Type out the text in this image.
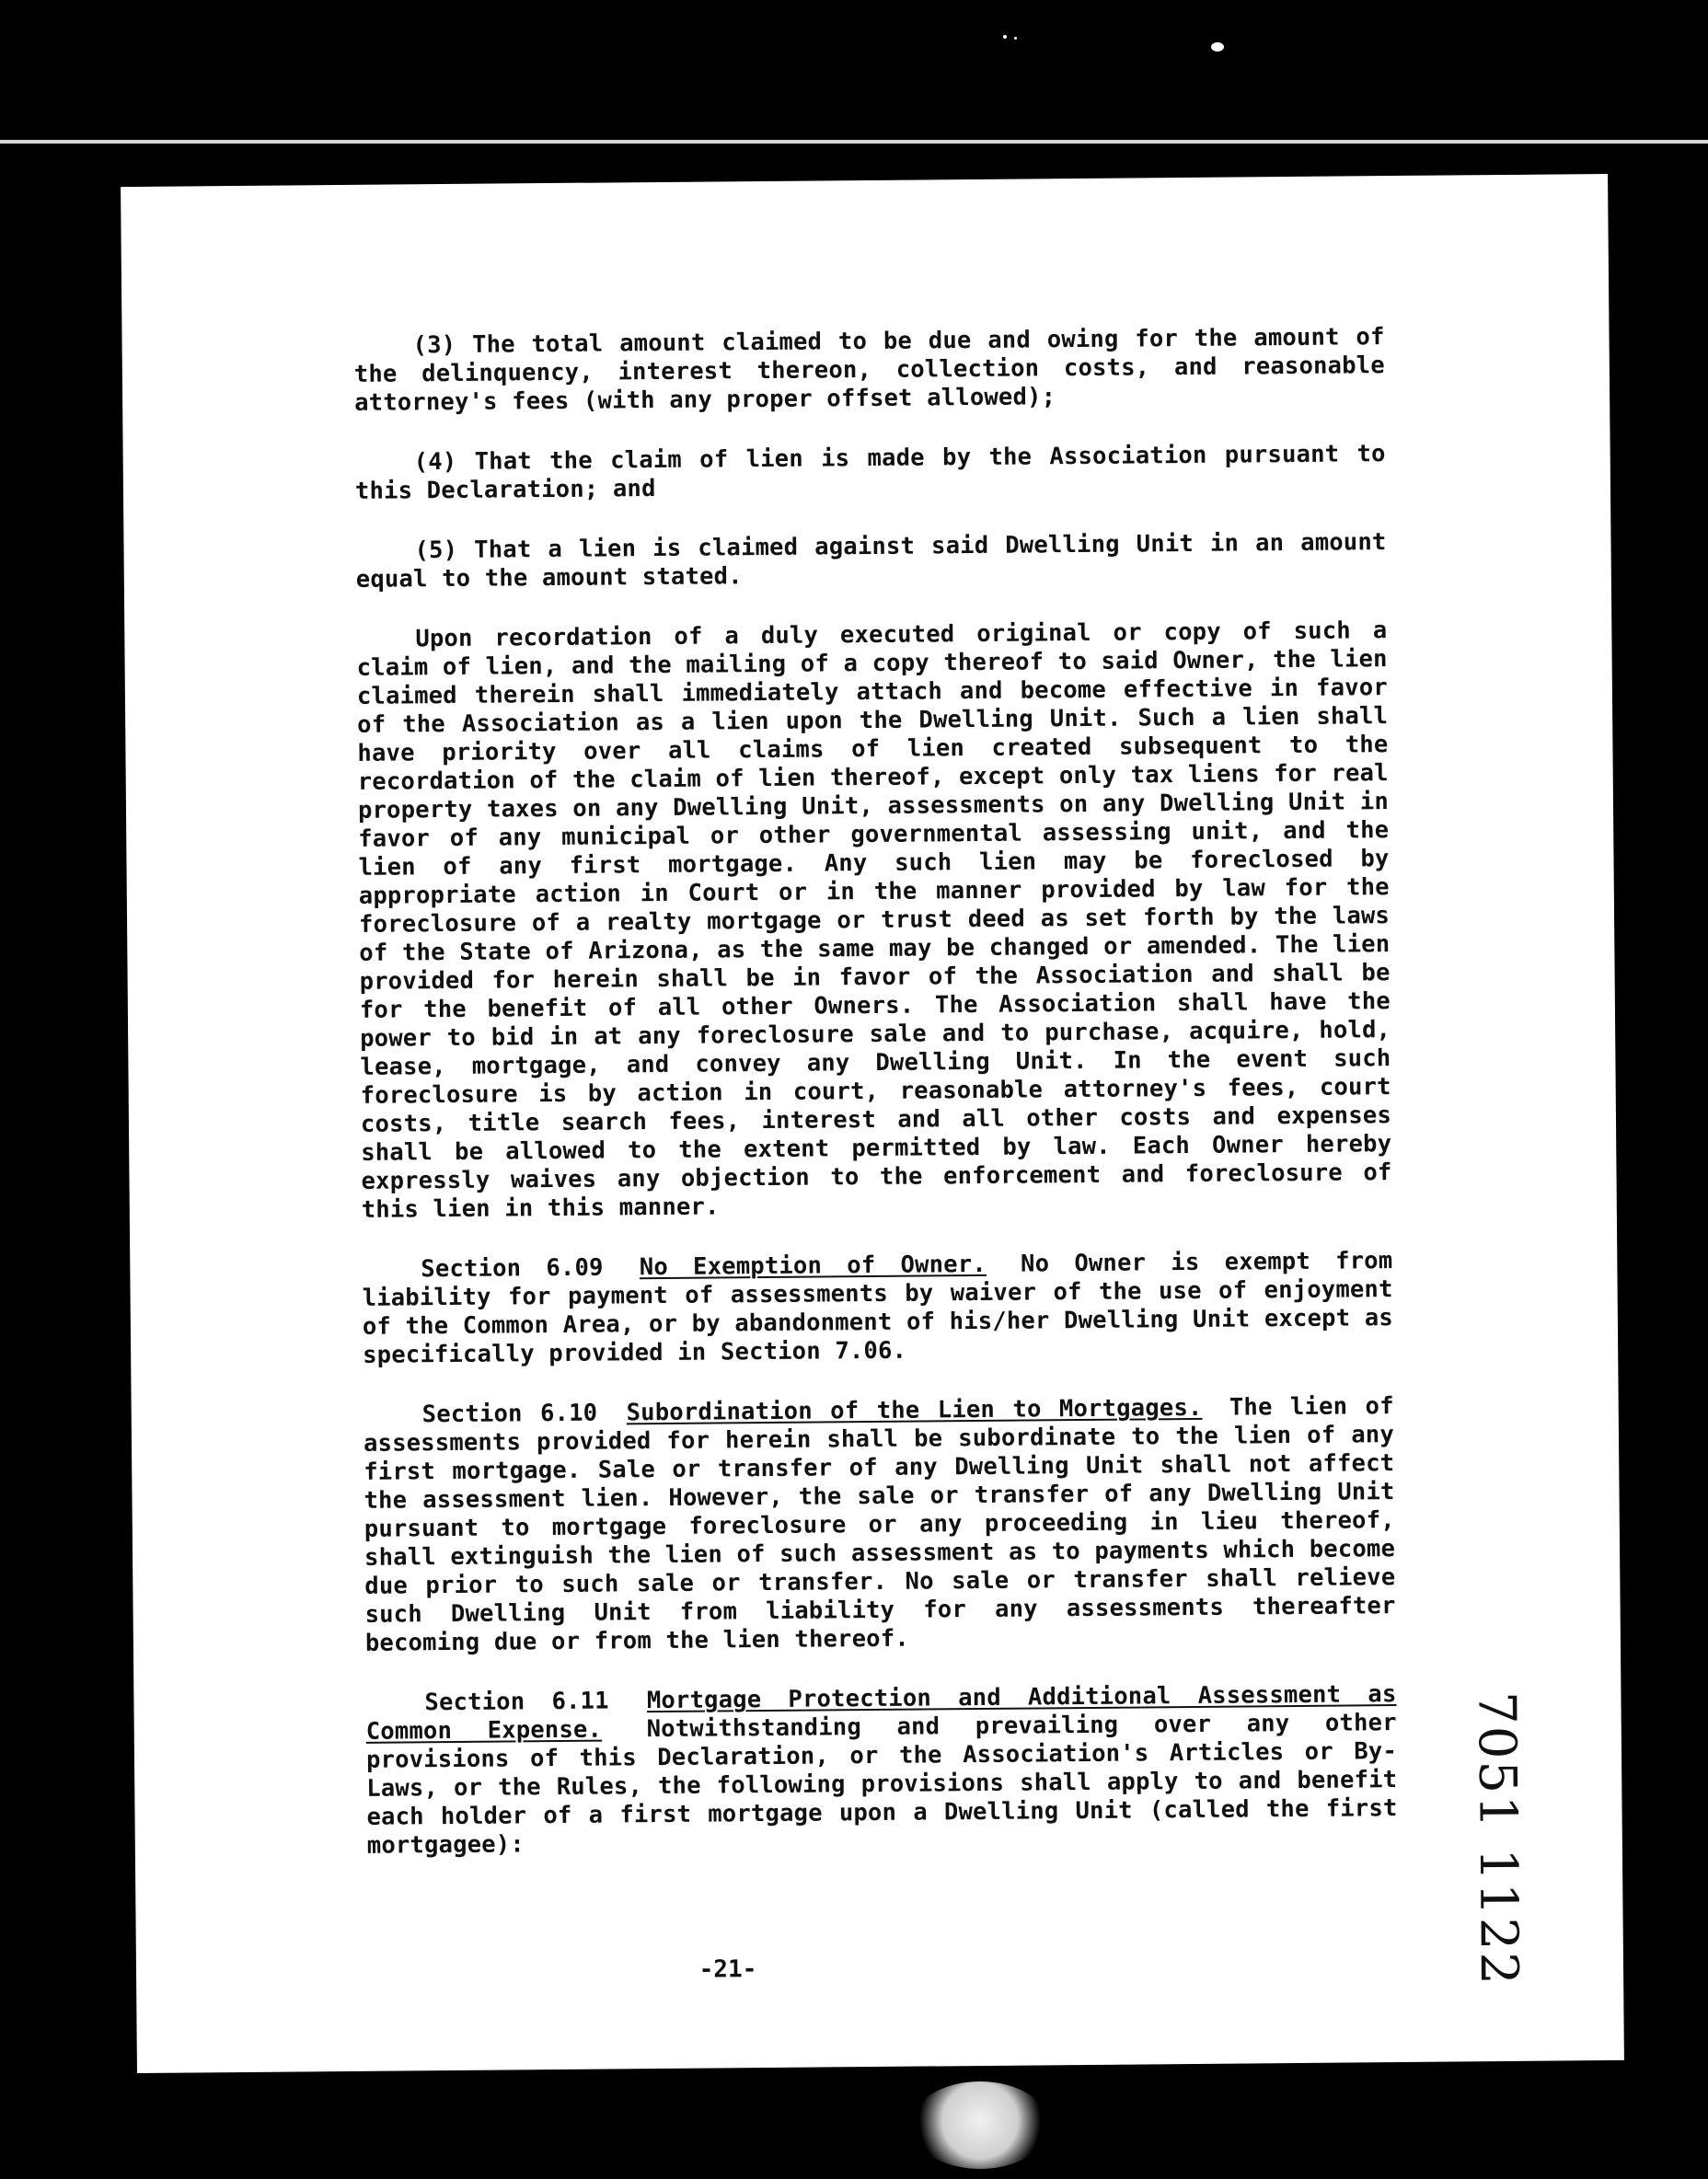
(3) The total amount claimed to be due and owing for the amount of the delinquency, interest thereon, collection costs, and reasonable attorney's fees (with any proper offset allowed);

(4) That the claim of lien is made by the Association pursuant to this Declaration; and

(5) That a lien is claimed against said Dwelling Unit in an amount equal to the amount stated.

Upon recordation of a duly executed original or copy of such a claim of lien, and the mailing of a copy thereof to said Owner, the lien claimed therein shall immediately attach and become effective in favor of the Association as a lien upon the Dwelling Unit. Such a lien shall have priority over all claims of lien created subsequent to the recordation of the claim of lien thereof, except only tax liens for real property taxes on any Dwelling Unit, assessments on any Dwelling Unit in favor of any municipal or other governmental assessing unit, and the lien of any first mortgage. Any such lien may be foreclosed by appropriate action in Court or in the manner provided by law for the foreclosure of a realty mortgage or trust deed as set forth by the laws of the State of Arizona, as the same may be changed or amended. The lien provided for herein shall be in favor of the Association and shall be for the benefit of all other Owners. The Association shall have the power to bid in at any foreclosure sale and to purchase, acquire, hold, lease, mortgage, and convey any Dwelling Unit. In the event such foreclosure is by action in court, reasonable attorney's fees, court costs, title search fees, interest and all other costs and expenses shall be allowed to the extent permitted by law. Each Owner hereby expressly waives any objection to the enforcement and foreclosure of this lien in this manner.

Section 6.09 No Exemption of Owner. No Owner is exempt from liability for payment of assessments by waiver of the use of enjoyment of the Common Area, or by abandonment of his/her Dwelling Unit except as specifically provided in Section 7.06.

Section 6.10 Subordination of the Lien to Mortgages. The lien of assessments provided for herein shall be subordinate to the lien of any first mortgage. Sale or transfer of any Dwelling Unit shall not affect the assessment lien. However, the sale or transfer of any Dwelling Unit pursuant to mortgage foreclosure or any proceeding in lieu thereof, shall extinguish the lien of such assessment as to payments which become due prior to such sale or transfer. No sale or transfer shall relieve such Dwelling Unit from liability for any assessments thereafter becoming due or from the lien thereof.

Section 6.11 Mortgage Protection and Additional Assessment as Common Expense. Notwithstanding and prevailing over any other provisions of this Declaration, or the Association's Articles or By-Laws, or the Rules, the following provisions shall apply to and benefit each holder of a first mortgage upon a Dwelling Unit (called the first mortgagee):

-21-	7051 1122
